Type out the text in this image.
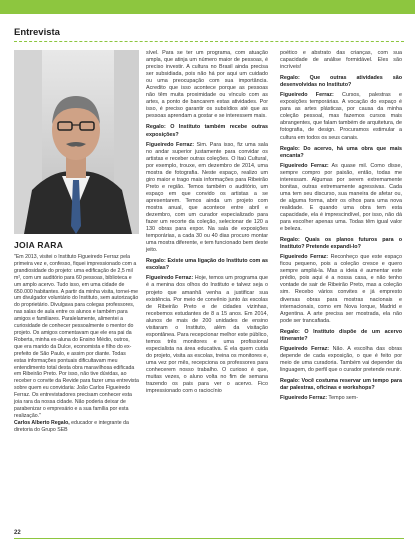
Entrevista
JOIA RARA
"Em 2013, visitei o Instituto Figueiredo Ferraz pela primeira vez e, confesso, fiquei impressionado com a grandiosidade do projeto: uma edificação de 2,5 mil m², com um auditório para 60 pessoas, biblioteca e um amplo acervo. Tudo isso, em uma cidade de 650.000 habitantes. A partir da minha visita, tornei-me um divulgador voluntário do Instituto, sem autorização do proprietário. Divulgava para colegas professores, nas salas de aula entre os alunos e também para amigos e familiares. Paralelamente, alimentei a curiosidade de conhecer pessoalmente o mentor do projeto. Os amigos comentavam que ele era pai da Roberta, minha ex-aluna do Ensino Médio, outros, que era marido da Dulce, economista e filho do ex-prefeito de São Paulo, e assim por diante. Todas estas informações pontuais dificultavam meu entendimento total desta obra maravilhosa edificada em Ribeirão Preto. Por isso, não tive dúvidas, ao receber o convite da Revide para fazer uma entrevista sobre quem eu convidaria: João Carlos Figueiredo Ferraz. Os entrevistadores precisam conhecer esta joia rara da nossa cidade. Não poderia deixar de parabenizar o empresário e a sua família por esta realização."
Carlos Alberto Regalo, educador e integrante da diretoria do Grupo SEB

sível. Para se ter um programa, com atuação ampla, que atinja um número maior de pessoas, é preciso investir. A cultura no Brasil ainda precisa ser subsidiada, pois não há por aqui um cuidado ou uma preocupação com sua importância. Acredito que isso acontece porque as pessoas não têm muita proximidade ou vínculo com as artes, a ponto de bancarem estas atividades. Por isso, é preciso garantir os subsídios até que as pessoas aprendam a gostar e se interessem mais.

Regalo: O Instituto também recebe outras exposições?

Figueiredo Ferraz: Sim. Para isso, fiz uma sala no andar superior justamente para convidar os artistas e receber outras coleções. O Itaú Cultural, por exemplo, trouxe, em dezembro de 2014, uma mostra de fotografia. Neste espaço, realizo um giro maior e trago mais informações para Ribeirão Preto e região. Temos também o auditório, um espaço em que convido os artistas a se apresentarem. Temos ainda um projeto com mostra anual, que acontece entre abril e dezembro, com um curador especializado para fazer um recorte da coleção, selecionar de 120 a 130 obras para expor. Na sala de exposições temporárias, a cada 30 ou 40 dias procuro montar uma mostra diferente, e tem funcionado bem deste jeito.

Regalo: Existe uma ligação do Instituto com as escolas?

Figueiredo Ferraz: Hoje, temos um programa que é a menina dos olhos do Instituto e talvez seja o projeto que amanhã venha a justificar sua existência. Por meio de convênio junto às escolas de Ribeirão Preto e de cidades vizinhas, recebemos estudantes de 8 a 15 anos. Em 2014, alunos de mais de 200 unidades de ensino visitaram o Instituto, além da visitação espontânea. Para recepcionar melhor este público, temos três monitores e uma profissional especialista na área educativa. É ela quem cuida do projeto, visita as escolas, treina os monitores e, uma vez por mês, recepciona os professores para conhecerem nosso trabalho. O curioso é que, muitas vezes, o aluno volta no fim de semana trazendo os pais para ver o acervo. Fico impressionado com o raciocínio

poético e abstrato das crianças, com sua capacidade de análise formidável. Eles são incríveis!

Regalo: Que outras atividades são desenvolvidas no Instituto?

Figueiredo Ferraz: Cursos, palestras e exposições temporárias. A vocação do espaço é para as artes plásticas, por causa da minha coleção pessoal, mas fazemos cursos mais abrangentes, que falam também de arquitetura, de fotografia, de design. Procuramos estimular a cultura em todos os seus canais.

Regalo: Do acervo, há uma obra que mais encanta?

Figueiredo Ferraz: As quase mil. Como disse, sempre compro por paixão, então, todas me interessam. Algumas por serem extremamente bonitas, outras extremamente agressivas. Cada uma tem seu discurso, sua maneira de afetar ou, de alguma forma, abrir os olhos para uma nova realidade. E quando uma obra tem esta capacidade, ela é imprescindível, por isso, não dá para escolher apenas uma. Todas têm igual valor e beleza.

Regalo: Quais os planos futuros para o Instituto? Pretende expandi-lo?

Figueiredo Ferraz: Reconheço que este espaço ficou pequeno, pois a coleção cresce e quero sempre ampliá-la. Mas a ideia é aumentar este prédio, pois aqui é a nossa casa, e não tenho vontade de sair de Ribeirão Preto, mas a coleção sim. Recebo vários convites e já empresto diversas obras para mostras nacionais e internacionais, como em Nova Iorque, Madrid e Argentina. A arte precisa ser mostrada, ela não pode ser trancafiada.

Regalo: O Instituto dispõe de um acervo itinerante?

Figueiredo Ferraz: Não. A escolha das obras depende de cada exposição, o que é feito por meio de uma curadoria. Também vai depender da linguagem, do perfil que o curador pretende reunir.

Regalo: Você costuma reservar um tempo para dar palestras, oficinas e workshops?

Figueiredo Ferraz: Tempo sem-

22
